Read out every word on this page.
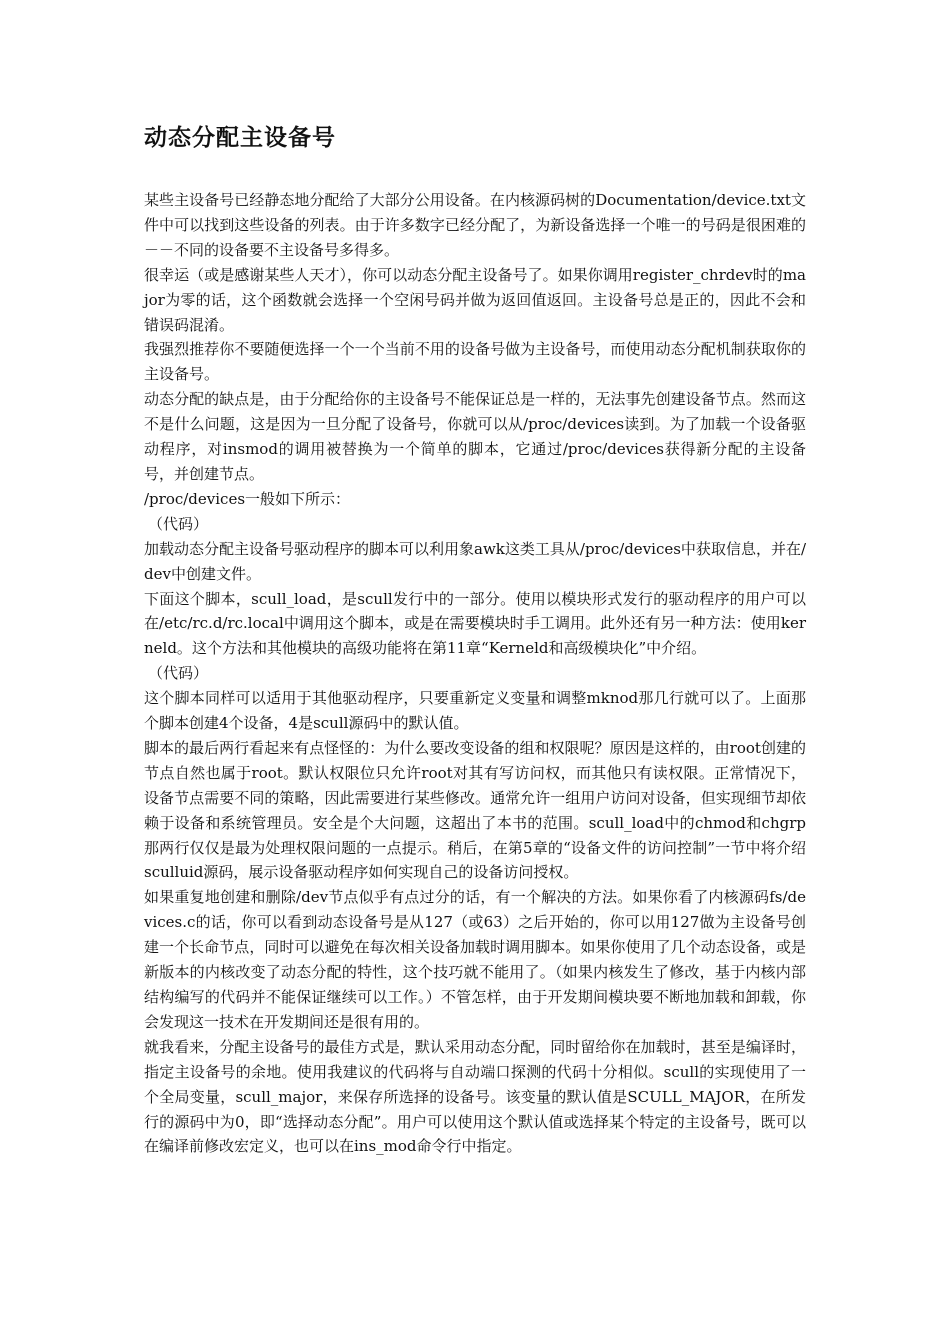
动态分配主设备号

某些主设备号已经静态地分配给了大部分公用设备。在内核源码树的Documentation/device.txt文件中可以找到这些设备的列表。由于许多数字已经分配了，为新设备选择一个唯一的号码是很困难的－－不同的设备要不主设备号多得多。

很幸运（或是感谢某些人天才），你可以动态分配主设备号了。如果你调用register_chrdev时的major为零的话，这个函数就会选择一个空闲号码并做为返回值返回。主设备号总是正的，因此不会和错误码混淆。

我强烈推荐你不要随便选择一个一个当前不用的设备号做为主设备号，而使用动态分配机制获取你的主设备号。

动态分配的缺点是，由于分配给你的主设备号不能保证总是一样的，无法事先创建设备节点。然而这不是什么问题，这是因为一旦分配了设备号，你就可以从/proc/devices读到。为了加载一个设备驱动程序，对insmod的调用被替换为一个简单的脚本，它通过/proc/devices获得新分配的主设备号，并创建节点。

/proc/devices一般如下所示：

（代码）

加载动态分配主设备号驱动程序的脚本可以利用象awk这类工具从/proc/devices中获取信息，并在/dev中创建文件。

下面这个脚本，scull_load，是scull发行中的一部分。使用以模块形式发行的驱动程序的用户可以在/etc/rc.d/rc.local中调用这个脚本，或是在需要模块时手工调用。此外还有另一种方法：使用kerneld。这个方法和其他模块的高级功能将在第11章“Kerneld和高级模块化”中介绍。

（代码）

这个脚本同样可以适用于其他驱动程序，只要重新定义变量和调整mknod那几行就可以了。上面那个脚本创建4个设备，4是scull源码中的默认值。

脚本的最后两行看起来有点怪怪的：为什么要改变设备的组和权限呢？原因是这样的，由root创建的节点自然也属于root。默认权限位只允许root对其有写访问权，而其他只有读权限。正常情况下，设备节点需要不同的策略，因此需要进行某些修改。通常允许一组用户访问对设备，但实现细节却依赖于设备和系统管理员。安全是个大问题，这超出了本书的范围。scull_load中的chmod和chgrp那两行仅仅是最为处理权限问题的一点提示。稍后，在第5章的“设备文件的访问控制”一节中将介绍sculluid源码，展示设备驱动程序如何实现自己的设备访问授权。

如果重复地创建和删除/dev节点似乎有点过分的话，有一个解决的方法。如果你看了内核源码fs/devices.c的话，你可以看到动态设备号是从127（或63）之后开始的，你可以用127做为主设备号创建一个长命节点，同时可以避免在每次相关设备加载时调用脚本。如果你使用了几个动态设备，或是新版本的内核改变了动态分配的特性，这个技巧就不能用了。（如果内核发生了修改，基于内核内部结构编写的代码并不能保证继续可以工作。）不管怎样，由于开发期间模块要不断地加载和卸载，你会发现这一技术在开发期间还是很有用的。

就我看来，分配主设备号的最佳方式是，默认采用动态分配，同时留给你在加载时，甚至是编译时，指定主设备号的余地。使用我建议的代码将与自动端口探测的代码十分相似。scull的实现使用了一个全局变量，scull_major，来保存所选择的设备号。该变量的默认值是SCULL_MAJOR，在所发行的源码中为0，即“选择动态分配”。用户可以使用这个默认值或选择某个特定的主设备号，既可以在编译前修改宏定义，也可以在ins_mod命令行中指定。
